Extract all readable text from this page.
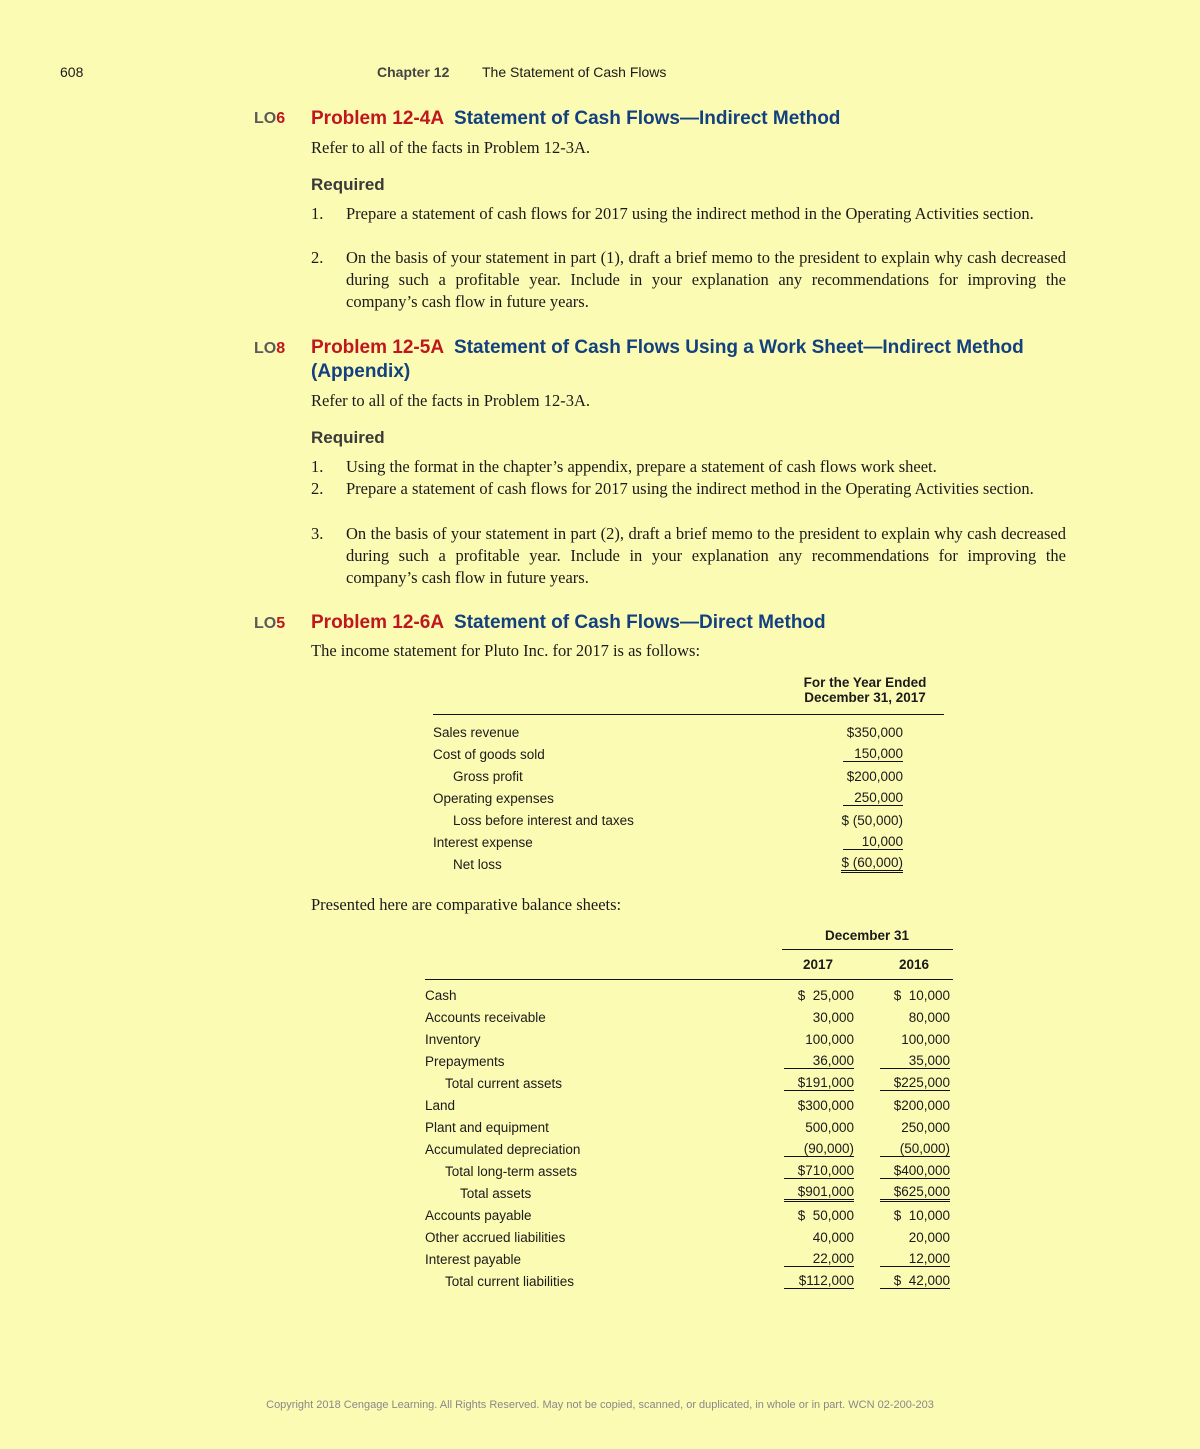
608	Chapter 12 The Statement of Cash Flows
LO6 Problem 12-4A Statement of Cash Flows—Indirect Method
Refer to all of the facts in Problem 12-3A.
Required
1. Prepare a statement of cash flows for 2017 using the indirect method in the Operating Activities section.
2. On the basis of your statement in part (1), draft a brief memo to the president to explain why cash decreased during such a profitable year. Include in your explanation any recommendations for improving the company’s cash flow in future years.
LO8 Problem 12-5A Statement of Cash Flows Using a Work Sheet—Indirect Method (Appendix)
Refer to all of the facts in Problem 12-3A.
Required
1. Using the format in the chapter’s appendix, prepare a statement of cash flows work sheet.
2. Prepare a statement of cash flows for 2017 using the indirect method in the Operating Activities section.
3. On the basis of your statement in part (2), draft a brief memo to the president to explain why cash decreased during such a profitable year. Include in your explanation any recommendations for improving the company’s cash flow in future years.
LO5 Problem 12-6A Statement of Cash Flows—Direct Method
The income statement for Pluto Inc. for 2017 is as follows:
For the Year Ended
December 31, 2017
Sales revenue	$350,000
Cost of goods sold	150,000
Gross profit	$200,000
Operating expenses	250,000
Loss before interest and taxes	$ (50,000)
Interest expense	10,000
Net loss	$ (60,000)
Presented here are comparative balance sheets:
December 31
2017	2016
Cash	$  25,000	$  10,000
Accounts receivable	30,000	80,000
Inventory	100,000	100,000
Prepayments	36,000	35,000
Total current assets	$191,000	$225,000
Land	$300,000	$200,000
Plant and equipment	500,000	250,000
Accumulated depreciation	(90,000)	(50,000)
Total long-term assets	$710,000	$400,000
Total assets	$901,000	$625,000
Accounts payable	$  50,000	$  10,000
Other accrued liabilities	40,000	20,000
Interest payable	22,000	12,000
Total current liabilities	$112,000	$  42,000
Copyright 2018 Cengage Learning. All Rights Reserved. May not be copied, scanned, or duplicated, in whole or in part. WCN 02-200-203
